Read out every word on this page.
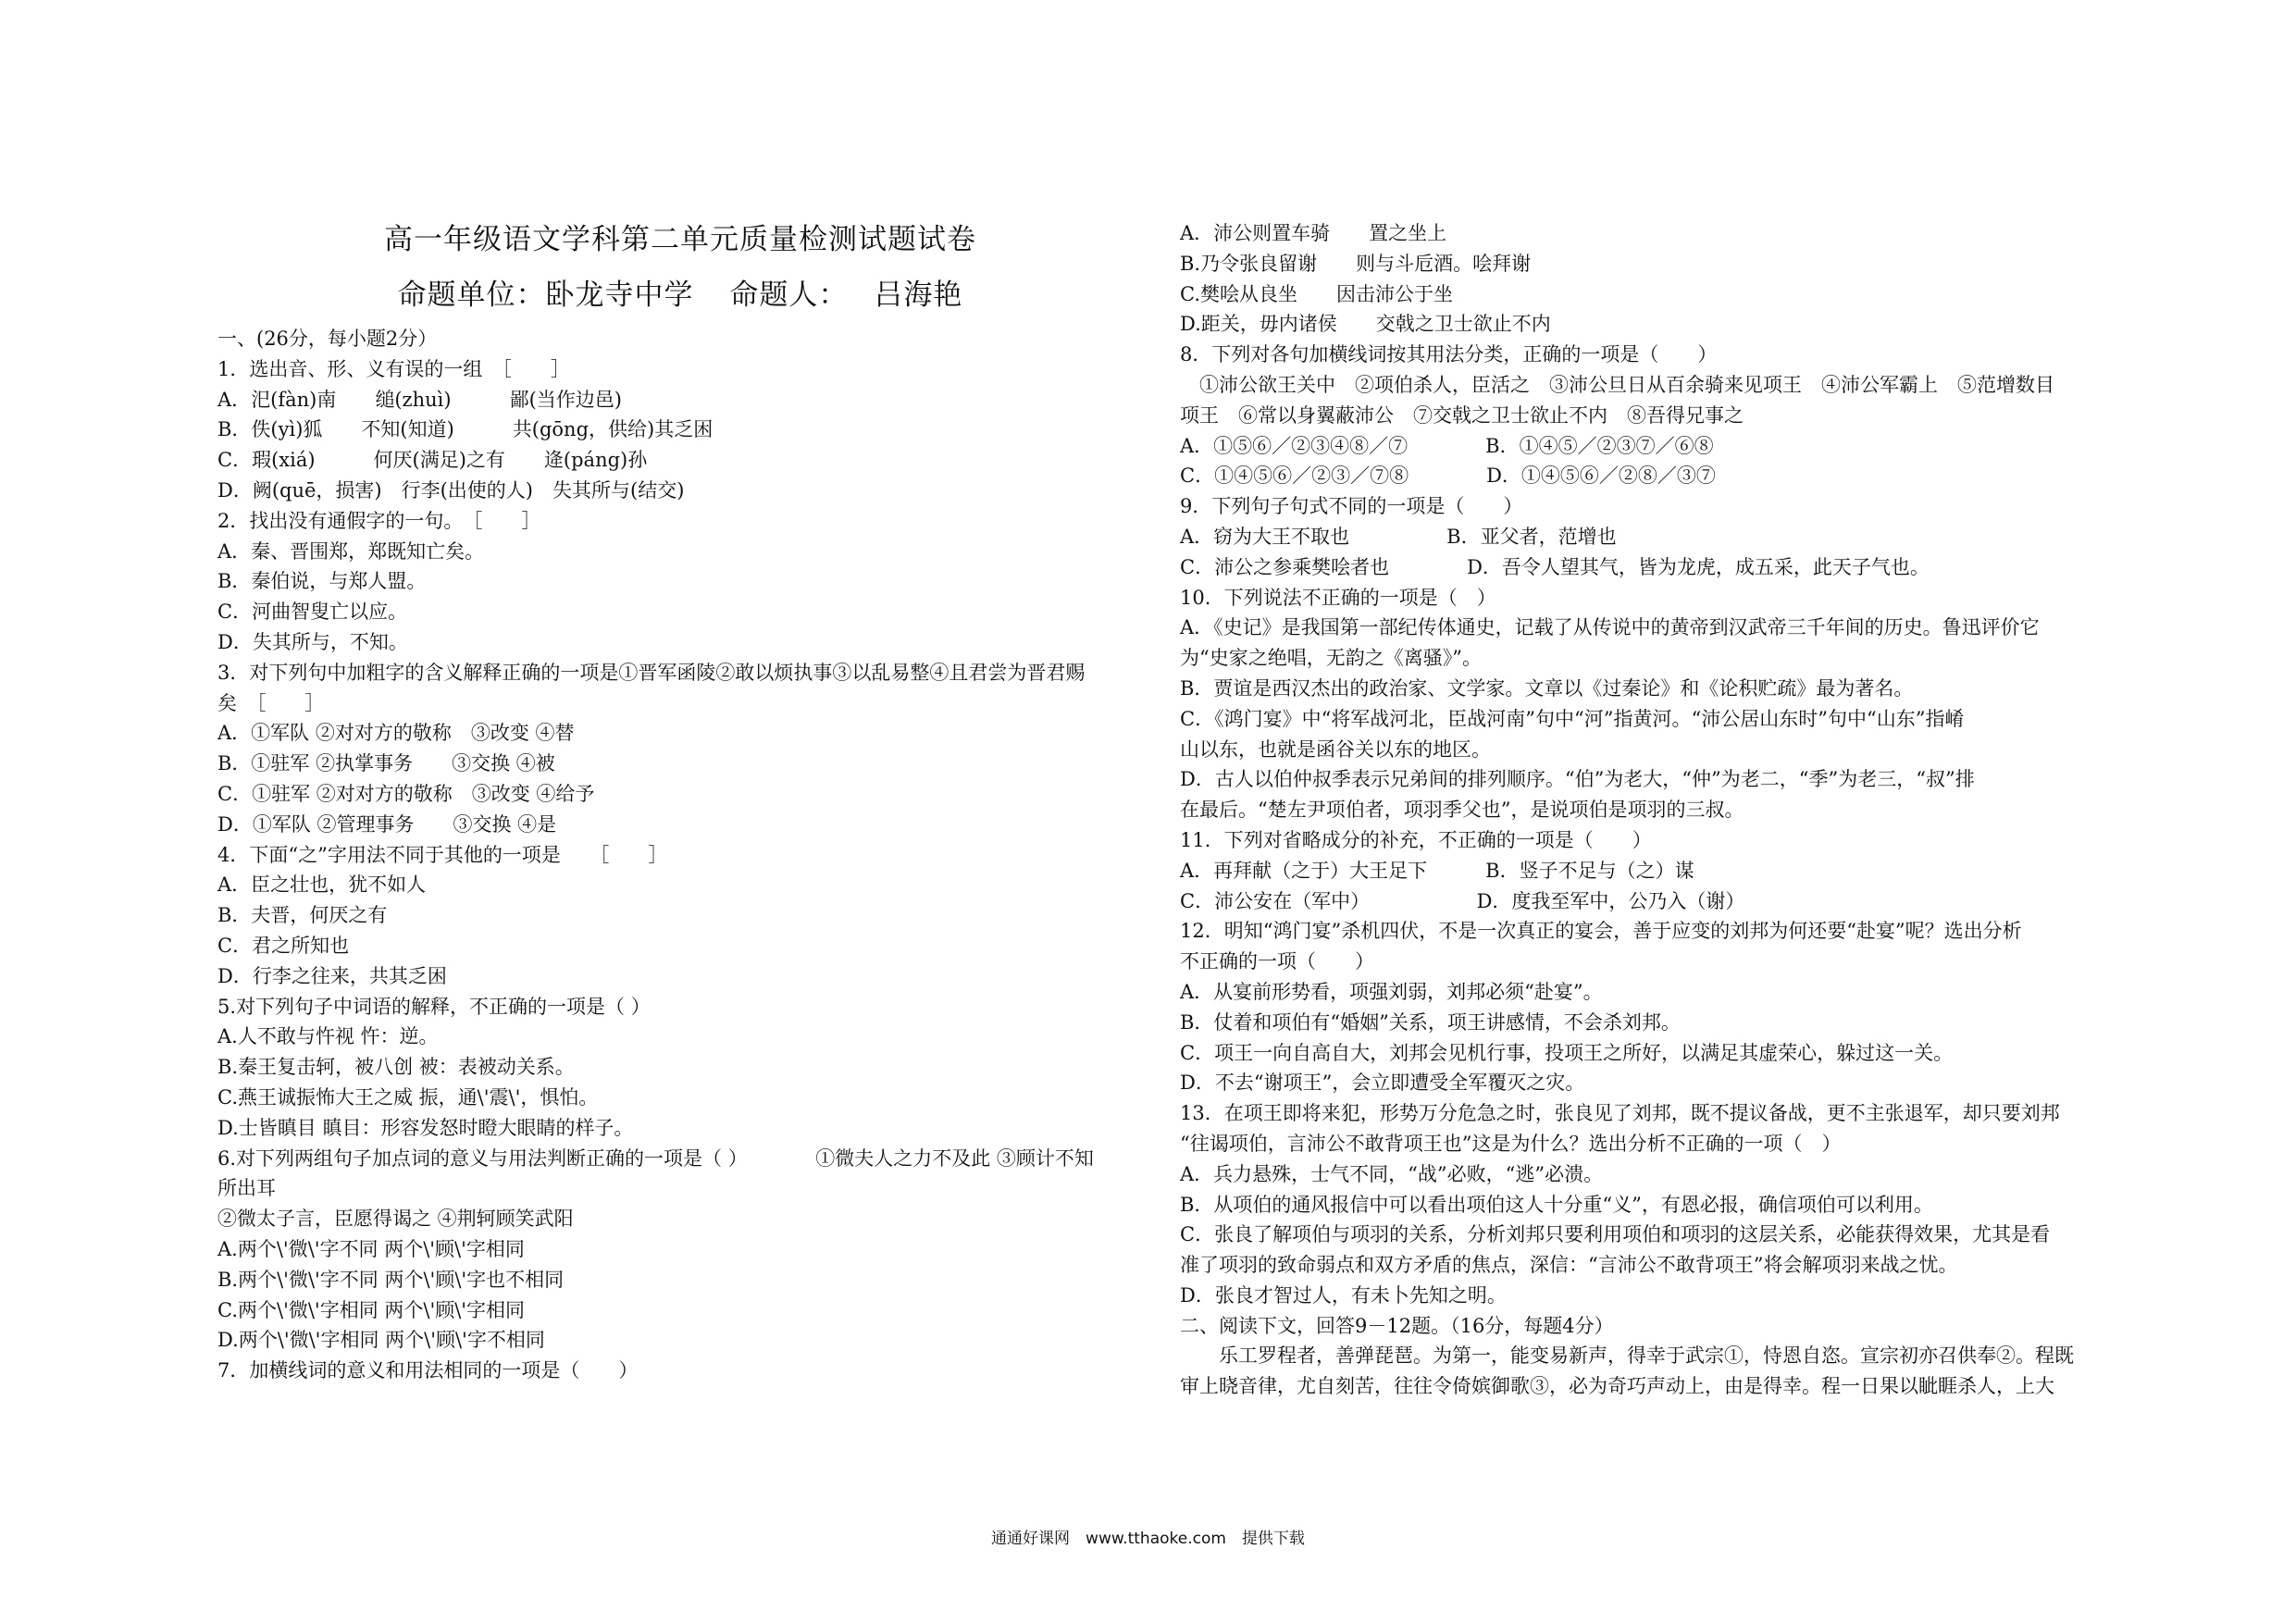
高一年级语文学科第二单元质量检测试题试卷
命题单位：卧龙寺中学 命题人： 吕海艳
一、(26分，每小题2分）
1．选出音、形、义有误的一组　［　　］
A．汜(fàn)南　　缒(zhuì)　　　鄙(当作边邑)
B．佚(yì)狐　　不知(知道)　　　共(gōng，供给)其乏困
C．瑕(xiá)　　　何厌(满足)之有　　逄(páng)孙
D．阙(quē，损害)　行李(出使的人)　失其所与(结交)
2．找出没有通假字的一句。　［　　］
A．秦、晋围郑，郑既知亡矣。
B．秦伯说，与郑人盟。
C．河曲智叟亡以应。
D．失其所与，不知。
3．对下列句中加粗字的含义解释正确的一项是①晋军函陵②敢以烦执事③以乱易整④且君尝为晋君赐
矣　［　　］
A．①军队 ②对对方的敬称　③改变 ④替
B．①驻军 ②执掌事务　　③交换 ④被
C．①驻军 ②对对方的敬称　③改变 ④给予
D．①军队 ②管理事务　　③交换 ④是
4．下面“之”字用法不同于其他的一项是　　［　　］
A．臣之壮也，犹不如人
B．夫晋，何厌之有
C．君之所知也
D．行李之往来，共其乏困
5.对下列句子中词语的解释，不正确的一项是（ ）
A.人不敢与忤视 忤：逆。
B.秦王复击轲，被八创 被：表被动关系。
C.燕王诚振怖大王之威 振，通\'震\'，惧怕。
D.士皆瞋目 瞋目：形容发怒时瞪大眼睛的样子。
6.对下列两组句子加点词的意义与用法判断正确的一项是（ ）　　　　①微夫人之力不及此 ③顾计不知
所出耳
②微太子言，臣愿得谒之 ④荆轲顾笑武阳
A.两个\'微\'字不同 两个\'顾\'字相同
B.两个\'微\'字不同 两个\'顾\'字也不相同
C.两个\'微\'字相同 两个\'顾\'字相同
D.两个\'微\'字相同 两个\'顾\'字不相同
7．加横线词的意义和用法相同的一项是（　　）
A．沛公则置车骑　　置之坐上
B.乃令张良留谢　　则与斗卮酒。哙拜谢
C.樊哙从良坐　　因击沛公于坐
D.距关，毋内诸侯　　交戟之卫士欲止不内
8．下列对各句加横线词按其用法分类，正确的一项是（　　）
　①沛公欲王关中　②项伯杀人，臣活之　③沛公旦日从百余骑来见项王　④沛公军霸上　⑤范增数目
项王　⑥常以身翼蔽沛公　⑦交戟之卫士欲止不内　⑧吾得兄事之
A．①⑤⑥／②③④⑧／⑦　　　　B．①④⑤／②③⑦／⑥⑧
C．①④⑤⑥／②③／⑦⑧　　　　D．①④⑤⑥／②⑧／③⑦
9．下列句子句式不同的一项是（　　）
A．窃为大王不取也　　　　　B．亚父者，范增也
C．沛公之参乘樊哙者也　　　　D．吾令人望其气，皆为龙虎，成五采，此天子气也。
10．下列说法不正确的一项是（　）
A．《史记》是我国第一部纪传体通史，记载了从传说中的黄帝到汉武帝三千年间的历史。鲁迅评价它
为“史家之绝唱，无韵之《离骚》”。
B．贾谊是西汉杰出的政治家、文学家。文章以《过秦论》和《论积贮疏》最为著名。
C．《鸿门宴》中“将军战河北，臣战河南”句中“河”指黄河。“沛公居山东时”句中“山东”指崤
山以东，也就是函谷关以东的地区。
D．古人以伯仲叔季表示兄弟间的排列顺序。“伯”为老大，“仲”为老二，“季”为老三，“叔”排
在最后。“楚左尹项伯者，项羽季父也”，是说项伯是项羽的三叔。
11．下列对省略成分的补充，不正确的一项是（　　）
A．再拜献（之于）大王足下　　　B．竖子不足与（之）谋
C．沛公安在（军中）　　　　　　D．度我至军中，公乃入（谢）
12．明知“鸿门宴”杀机四伏，不是一次真正的宴会，善于应变的刘邦为何还要“赴宴”呢？选出分析
不正确的一项（　　）
A．从宴前形势看，项强刘弱，刘邦必须“赴宴”。
B．仗着和项伯有“婚姻”关系，项王讲感情，不会杀刘邦。
C．项王一向自高自大，刘邦会见机行事，投项王之所好，以满足其虚荣心，躲过这一关。
D．不去“谢项王”，会立即遭受全军覆灭之灾。
13．在项王即将来犯，形势万分危急之时，张良见了刘邦，既不提议备战，更不主张退军，却只要刘邦
“往谒项伯，言沛公不敢背项王也”这是为什么？选出分析不正确的一项（　）
A．兵力悬殊，士气不同，“战”必败，“逃”必溃。
B．从项伯的通风报信中可以看出项伯这人十分重“义”，有恩必报，确信项伯可以利用。
C．张良了解项伯与项羽的关系，分析刘邦只要利用项伯和项羽的这层关系，必能获得效果，尤其是看
准了项羽的致命弱点和双方矛盾的焦点，深信：“言沛公不敢背项王”将会解项羽来战之忧。
D．张良才智过人，有未卜先知之明。
二、阅读下文，回答9－12题。（16分，每题4分）
　　乐工罗程者，善弹琵琶。为第一，能变易新声，得幸于武宗①，恃恩自恣。宣宗初亦召供奉②。程既
审上晓音律，尤自刻苦，往往令倚嫔御歌③，必为奇巧声动上，由是得幸。程一日果以眦睚杀人，上大
通通好课网　www.tthaoke.com　提供下载
